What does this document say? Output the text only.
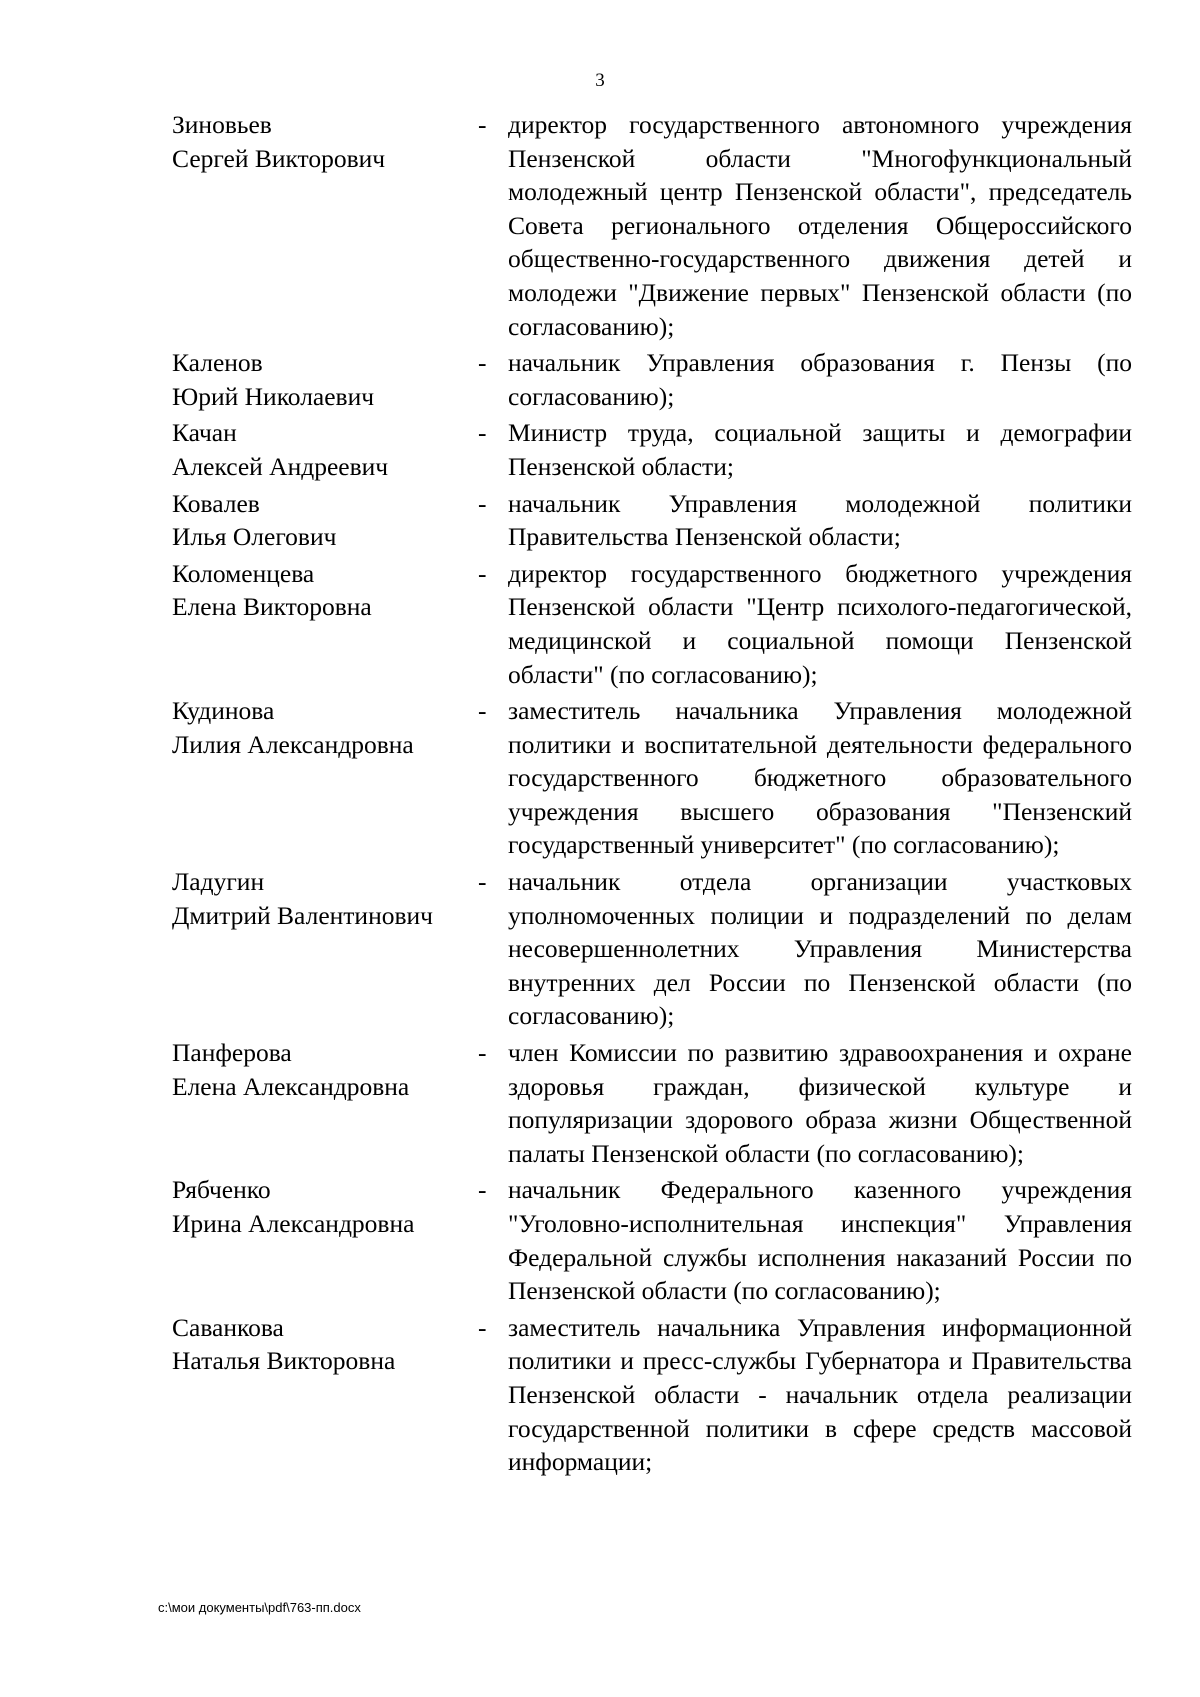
3
Зиновьев
Сергей Викторович
- директор государственного автономного учреждения Пензенской области "Многофункциональный молодежный центр Пензенской области", председатель Совета регионального отделения Общероссийского общественно-государственного движения детей и молодежи "Движение первых" Пензенской области (по согласованию);
Каленов
Юрий Николаевич
- начальник Управления образования г. Пензы (по согласованию);
Качан
Алексей Андреевич
- Министр труда, социальной защиты и демографии Пензенской области;
Ковалев
Илья Олегович
- начальник Управления молодежной политики Правительства Пензенской области;
Коломенцева
Елена Викторовна
- директор государственного бюджетного учреждения Пензенской области "Центр психолого-педагогической, медицинской и социальной помощи Пензенской области" (по согласованию);
Кудинова
Лилия Александровна
- заместитель начальника Управления молодежной политики и воспитательной деятельности федерального государственного бюджетного образовательного учреждения высшего образования "Пензенский государственный университет" (по согласованию);
Ладугин
Дмитрий Валентинович
- начальник отдела организации участковых уполномоченных полиции и подразделений по делам несовершеннолетних Управления Министерства внутренних дел России по Пензенской области (по согласованию);
Панферова
Елена Александровна
- член Комиссии по развитию здравоохранения и охране здоровья граждан, физической культуре и популяризации здорового образа жизни Общественной палаты Пензенской области (по согласованию);
Рябченко
Ирина Александровна
- начальник Федерального казенного учреждения "Уголовно-исполнительная инспекция" Управления Федеральной службы исполнения наказаний России по Пензенской области (по согласованию);
Саванкова
Наталья Викторовна
- заместитель начальника Управления информационной политики и пресс-службы Губернатора и Правительства Пензенской области - начальник отдела реализации государственной политики в сфере средств массовой информации;
c:\мои документы\pdf\763-пп.docx
